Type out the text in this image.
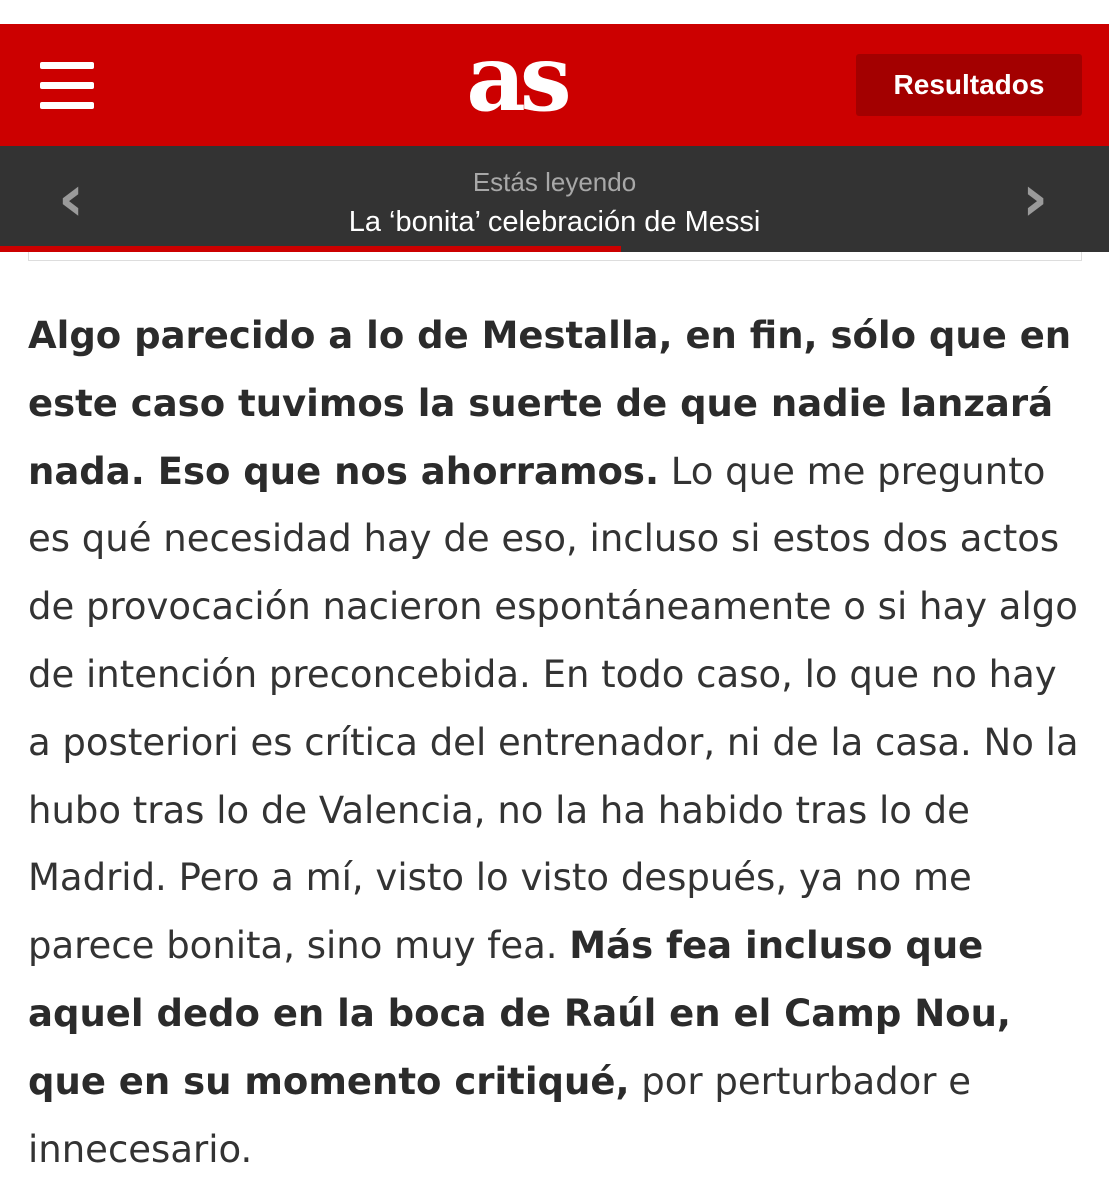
as	Resultados
‹	Estás leyendo
La ‘bonita’ celebración de Messi	›

Algo parecido a lo de Mestalla, en fin, sólo que en este caso tuvimos la suerte de que nadie lanzará nada. Eso que nos ahorramos. Lo que me pregunto es qué necesidad hay de eso, incluso si estos dos actos de provocación nacieron espontáneamente o si hay algo de intención preconcebida. En todo caso, lo que no hay a posteriori es crítica del entrenador, ni de la casa. No la hubo tras lo de Valencia, no la ha habido tras lo de Madrid. Pero a mí, visto lo visto después, ya no me parece bonita, sino muy fea. Más fea incluso que aquel dedo en la boca de Raúl en el Camp Nou, que en su momento critiqué, por perturbador e innecesario.
